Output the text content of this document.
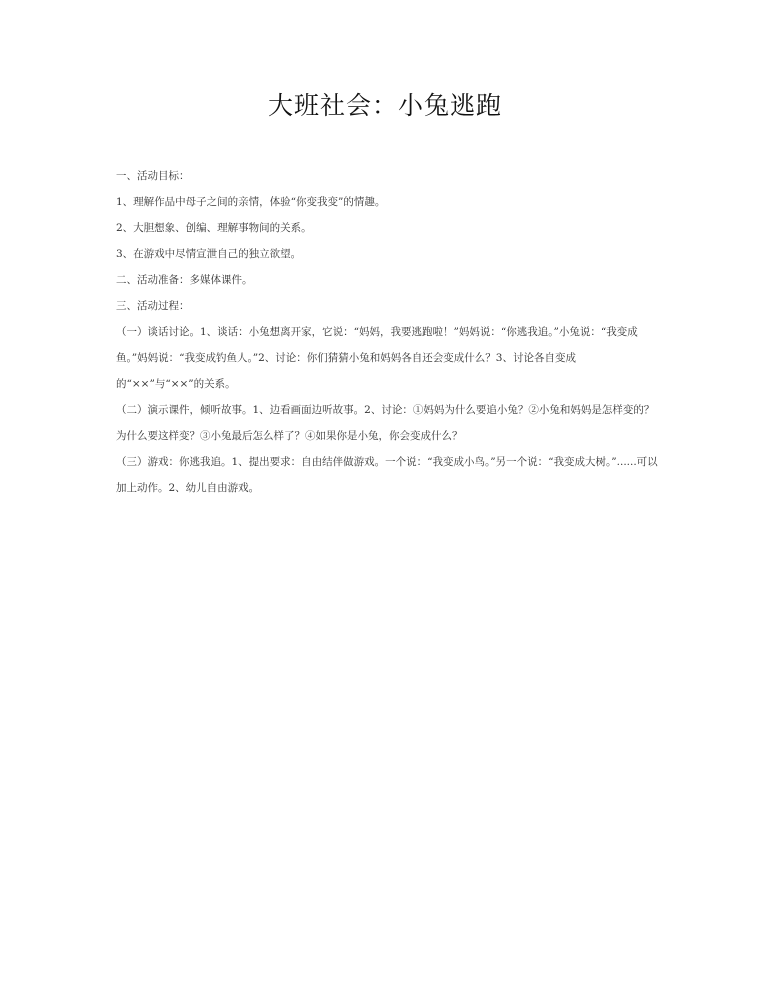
大班社会：小兔逃跑

一、活动目标：

1、理解作品中母子之间的亲情，体验“你变我变”的情趣。

2、大胆想象、创编、理解事物间的关系。

3、在游戏中尽情宣泄自己的独立欲望。

二、活动准备：多媒体课件。

三、活动过程：

（一）谈话讨论。1、谈话：小兔想离开家，它说：“妈妈，我要逃跑啦！”妈妈说：“你逃我追。”小兔说：“我变成鱼。”妈妈说：“我变成钓鱼人。”2、讨论：你们猜猜小兔和妈妈各自还会变成什么？3、讨论各自变成的“××”与“××”的关系。

（二）演示课件，倾听故事。1、边看画面边听故事。2、讨论：①妈妈为什么要追小兔？②小兔和妈妈是怎样变的？为什么要这样变？③小兔最后怎么样了？④如果你是小兔，你会变成什么？

（三）游戏：你逃我追。1、提出要求：自由结伴做游戏。一个说：“我变成小鸟。”另一个说：“我变成大树。”......可以加上动作。2、幼儿自由游戏。
